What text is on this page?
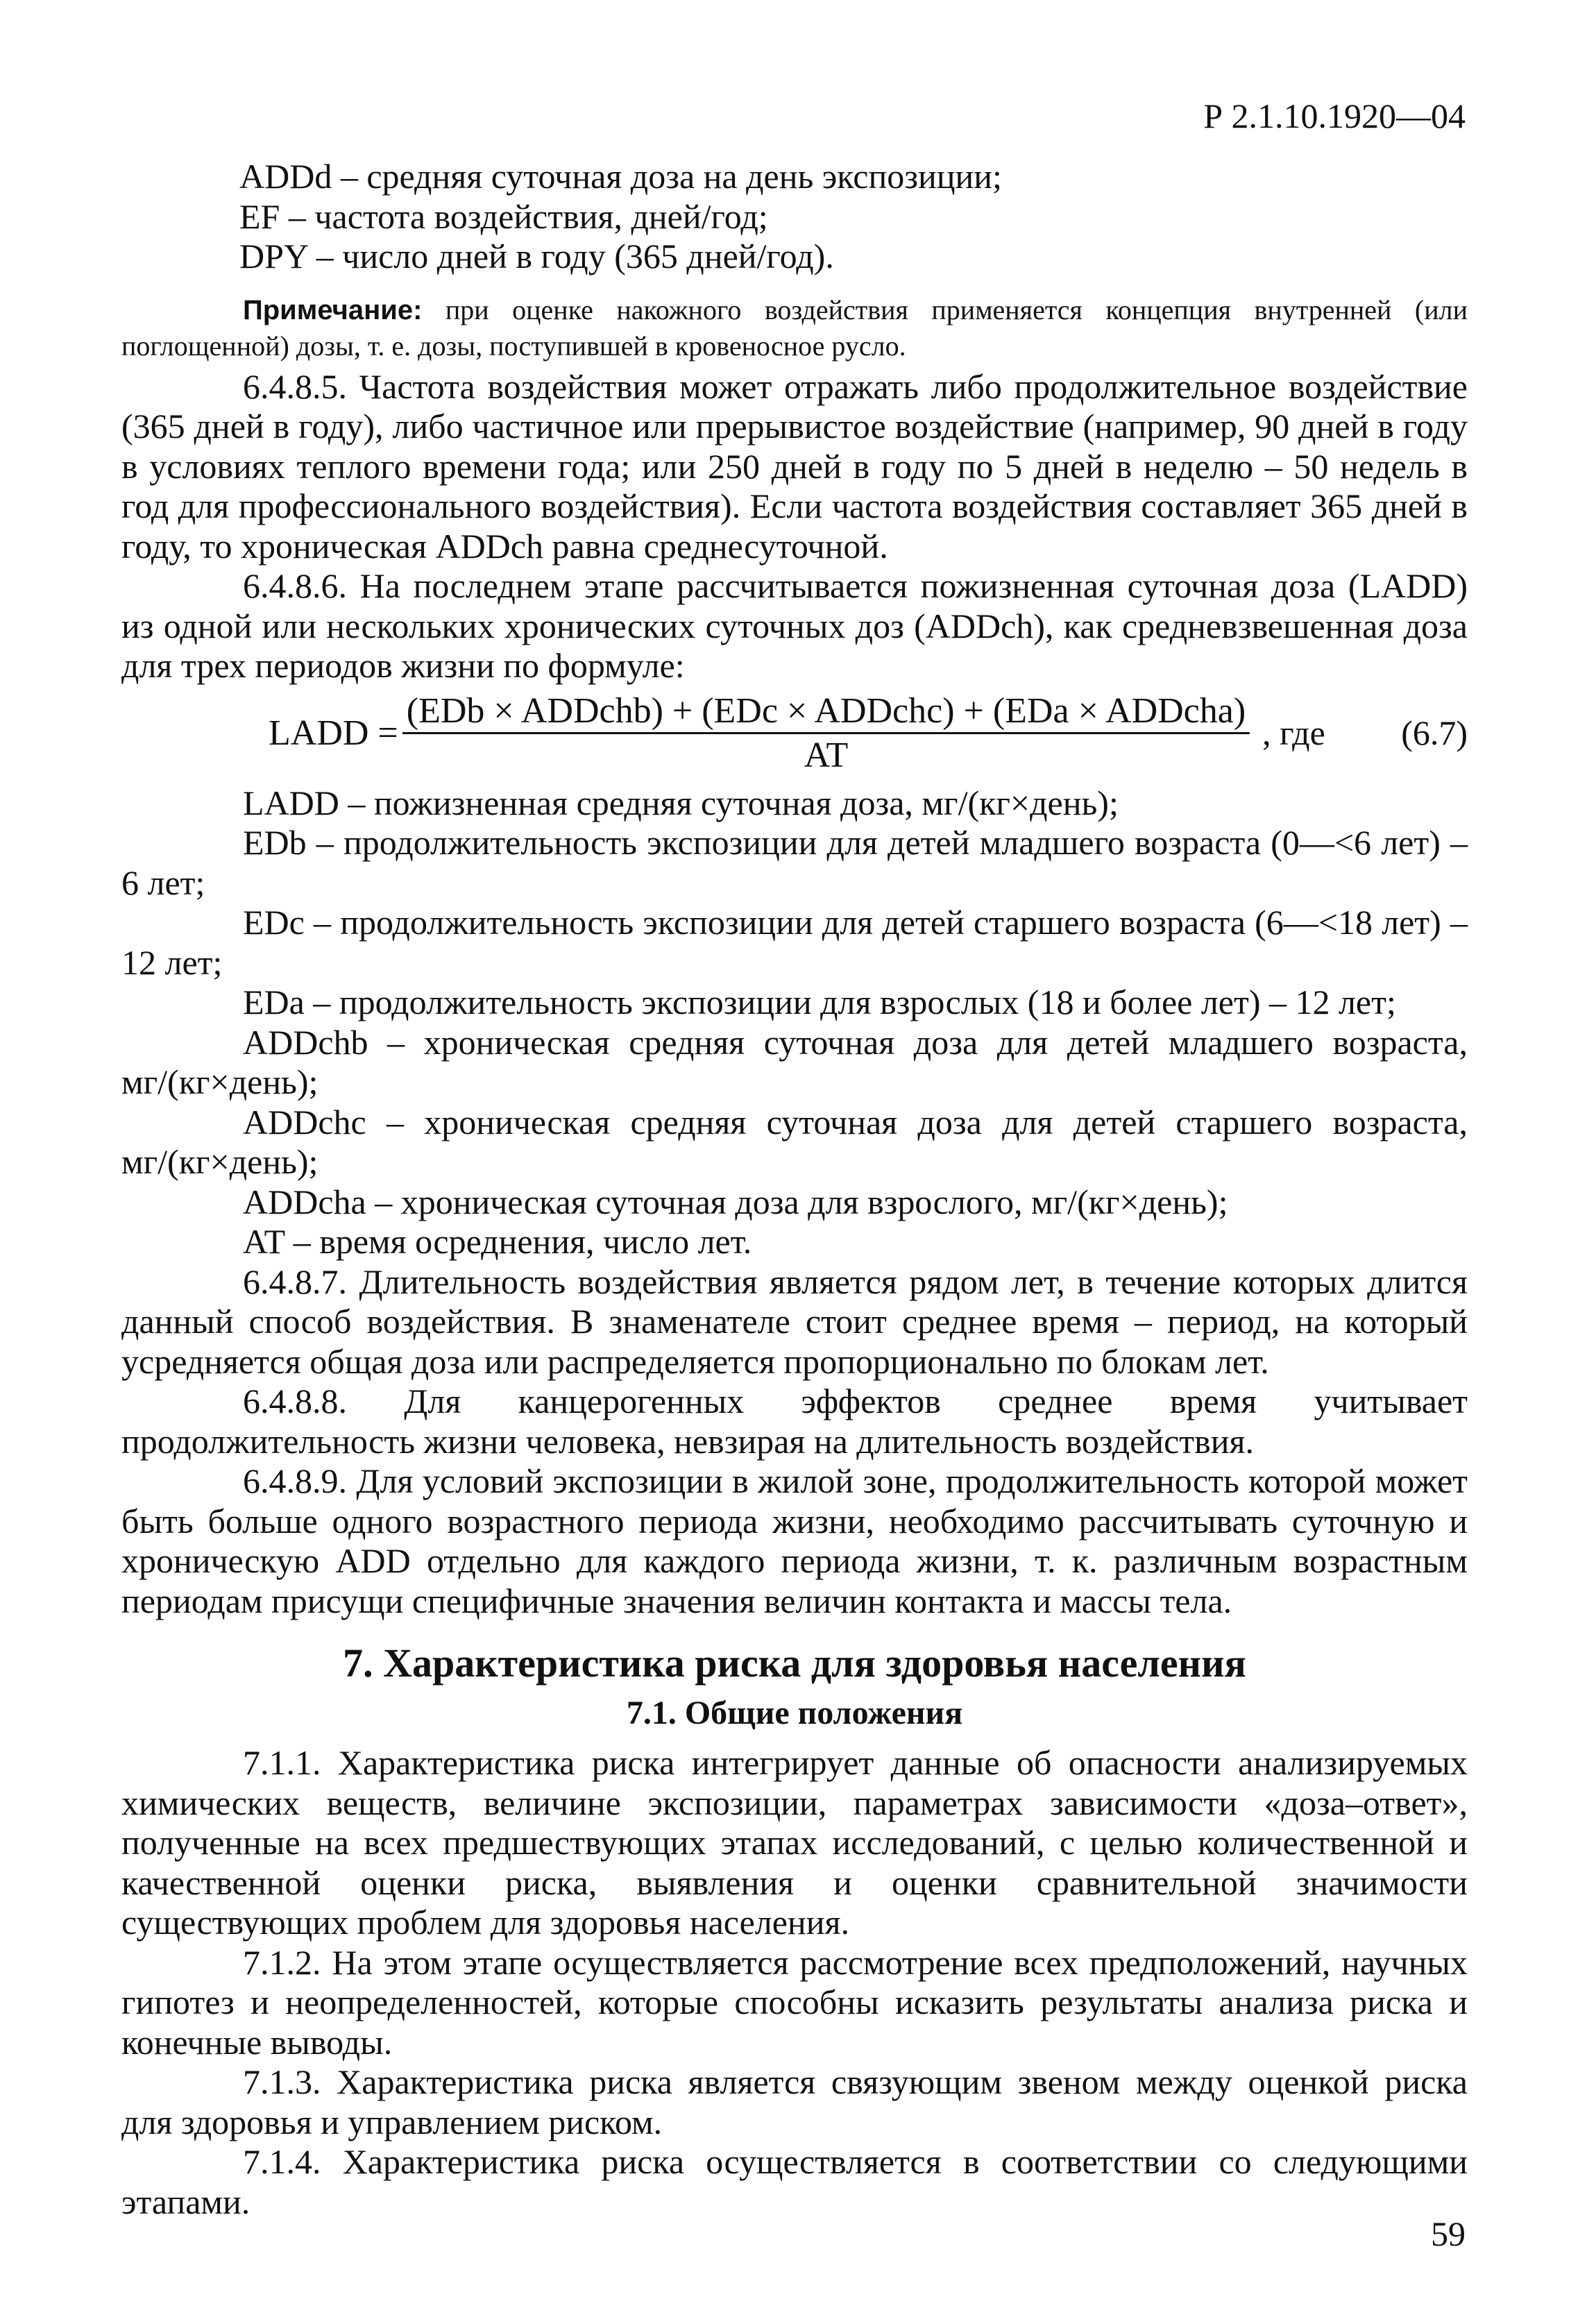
Р 2.1.10.1920—04

ADDd – средняя суточная доза на день экспозиции;

EF – частота воздействия, дней/год;

DPY – число дней в году (365 дней/год).

Примечание: при оценке накожного воздействия применяется концепция внутренней (или поглощенной) дозы, т. е. дозы, поступившей в кровеносное русло.

6.4.8.5. Частота воздействия может отражать либо продолжительное воздействие (365 дней в году), либо частичное или прерывистое воздействие (например, 90 дней в году в условиях теплого времени года; или 250 дней в году по 5 дней в неделю – 50 недель в год для профессионального воздействия). Если частота воздействия составляет 365 дней в году, то хроническая ADDch равна среднесуточной.

6.4.8.6. На последнем этапе рассчитывается пожизненная суточная доза (LADD) из одной или нескольких хронических суточных доз (ADDch), как средневзвешенная доза для трех периодов жизни по формуле:

LADD = $\frac{\text{(EDb × ADDchb) + (EDc × ADDchc) + (EDa × ADDcha)}}{AT}$ , где (6.7)

LADD – пожизненная средняя суточная доза, мг/(кг×день);

EDb – продолжительность экспозиции для детей младшего возраста (0—<6 лет) – 6 лет;

EDc – продолжительность экспозиции для детей старшего возраста (6—<18 лет) – 12 лет;

EDa – продолжительность экспозиции для взрослых (18 и более лет) – 12 лет;

ADDchb – хроническая средняя суточная доза для детей младшего возраста, мг/(кг×день);

ADDchc – хроническая средняя суточная доза для детей старшего возраста, мг/(кг×день);

ADDcha – хроническая суточная доза для взрослого, мг/(кг×день);

AT – время осреднения, число лет.

6.4.8.7. Длительность воздействия является рядом лет, в течение которых длится данный способ воздействия. В знаменателе стоит среднее время – период, на который усредняется общая доза или распределяется пропорционально по блокам лет.

6.4.8.8. Для канцерогенных эффектов среднее время учитывает продолжительность жизни человека, невзирая на длительность воздействия.

6.4.8.9. Для условий экспозиции в жилой зоне, продолжительность которой может быть больше одного возрастного периода жизни, необходимо рассчитывать суточную и хроническую ADD отдельно для каждого периода жизни, т. к. различным возрастным периодам присущи специфичные значения величин контакта и массы тела.

7. Характеристика риска для здоровья населения
7.1. Общие положения

7.1.1. Характеристика риска интегрирует данные об опасности анализируемых химических веществ, величине экспозиции, параметрах зависимости «доза–ответ», полученные на всех предшествующих этапах исследований, с целью количественной и качественной оценки риска, выявления и оценки сравнительной значимости существующих проблем для здоровья населения.

7.1.2. На этом этапе осуществляется рассмотрение всех предположений, научных гипотез и неопределенностей, которые способны исказить результаты анализа риска и конечные выводы.

7.1.3. Характеристика риска является связующим звеном между оценкой риска для здоровья и управлением риском.

7.1.4. Характеристика риска осуществляется в соответствии со следующими этапами.

59
